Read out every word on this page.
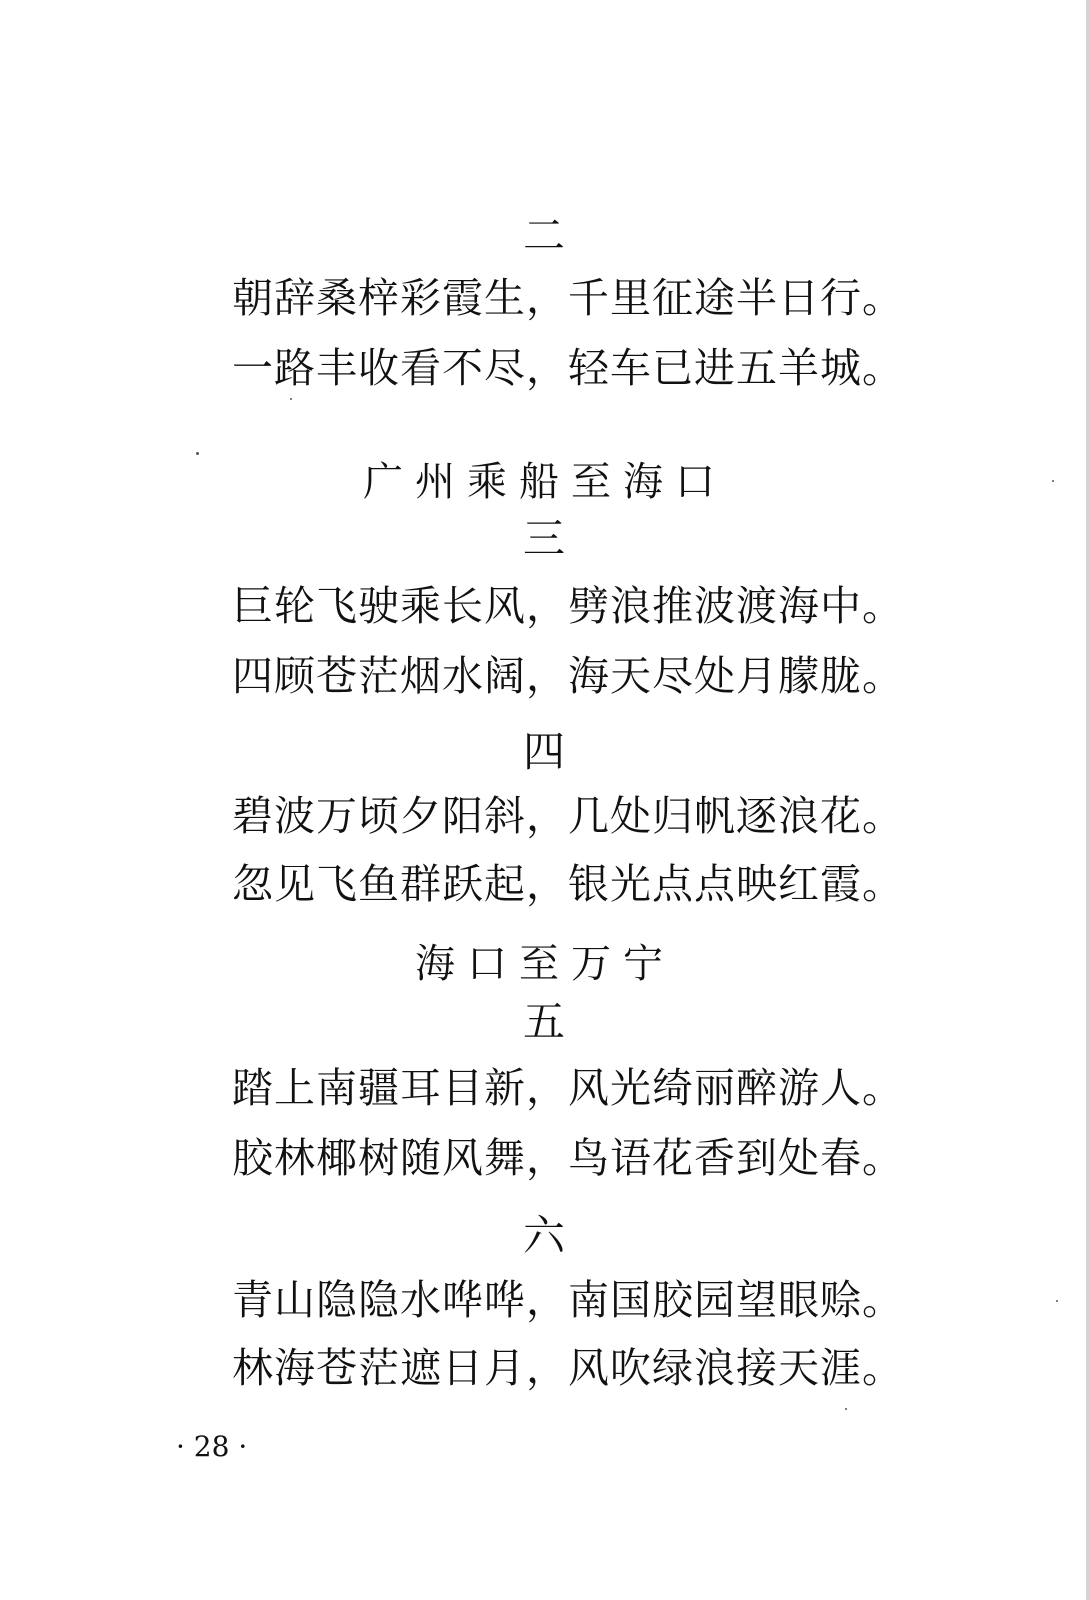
二
朝辞桑梓彩霞生，千里征途半日行。
一路丰收看不尽，轻车已进五羊城。
广州乘船至海口
三
巨轮飞驶乘长风，劈浪推波渡海中。
四顾苍茫烟水阔，海天尽处月朦胧。
四
碧波万顷夕阳斜，几处归帆逐浪花。
忽见飞鱼群跃起，银光点点映红霞。
海口至万宁
五
踏上南疆耳目新，风光绮丽醉游人。
胶林椰树随风舞，鸟语花香到处春。
六
青山隐隐水哗哗，南国胶园望眼赊。
林海苍茫遮日月，风吹绿浪接天涯。
· 28 ·
